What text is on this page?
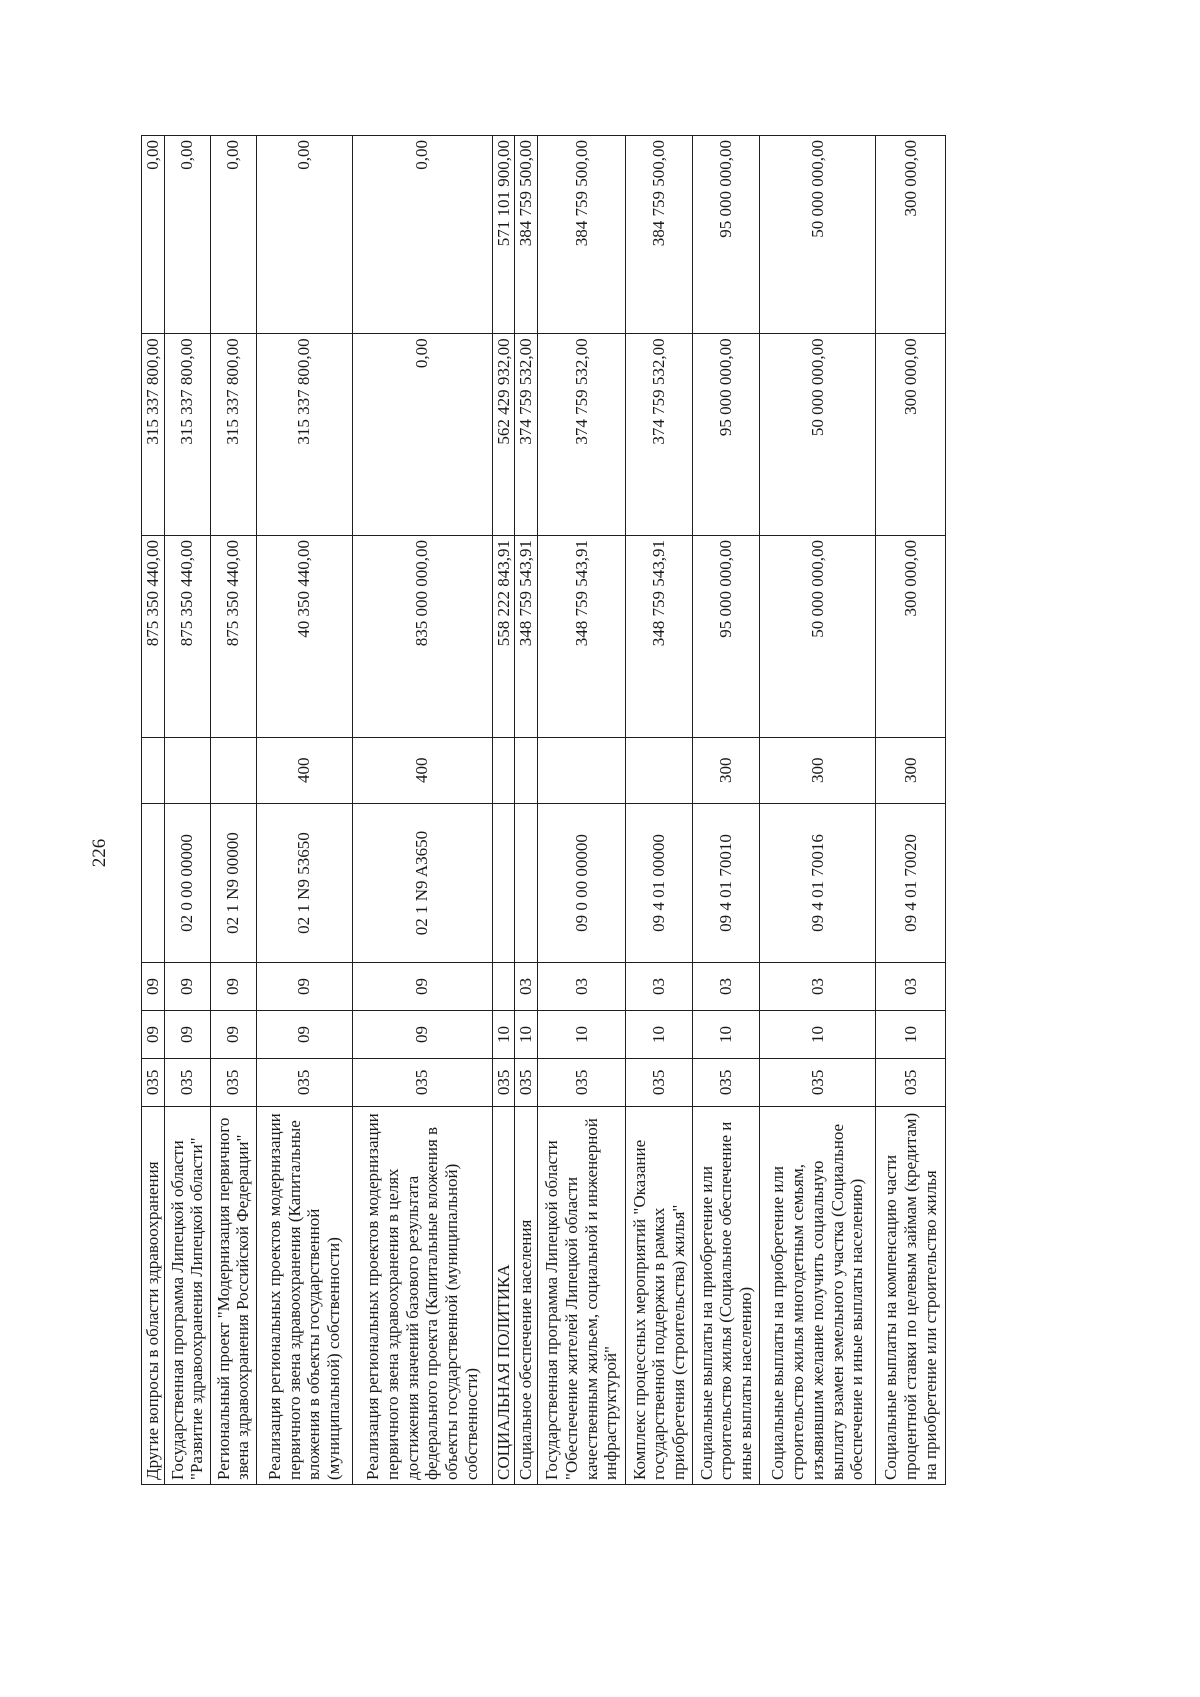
226
Другие вопросы в области здравоохранения	035	09	09			875 350 440,00	315 337 800,00	0,00
Государственная программа Липецкой области "Развитие здравоохранения Липецкой области"	035	09	09	02 0 00 00000		875 350 440,00	315 337 800,00	0,00
Региональный проект "Модернизация первичного звена здравоохранения Российской Федерации"	035	09	09	02 1 N9 00000		875 350 440,00	315 337 800,00	0,00
Реализация региональных проектов модернизации первичного звена здравоохранения (Капитальные вложения в объекты государственной (муниципальной) собственности)	035	09	09	02 1 N9 53650	400	40 350 440,00	315 337 800,00	0,00
Реализация региональных проектов модернизации первичного звена здравоохранения в целях достижения значений базового результата федерального проекта (Капитальные вложения в объекты государственной (муниципальной) собственности)	035	09	09	02 1 N9 A3650	400	835 000 000,00	0,00	0,00
СОЦИАЛЬНАЯ ПОЛИТИКА	035	10				558 222 843,91	562 429 932,00	571 101 900,00
Социальное обеспечение населения	035	10	03			348 759 543,91	374 759 532,00	384 759 500,00
Государственная программа Липецкой области "Обеспечение жителей Липецкой области качественным жильем, социальной и инженерной инфраструктурой"	035	10	03	09 0 00 00000		348 759 543,91	374 759 532,00	384 759 500,00
Комплекс процессных мероприятий "Оказание государственной поддержки в рамках приобретения (строительства) жилья"	035	10	03	09 4 01 00000		348 759 543,91	374 759 532,00	384 759 500,00
Социальные выплаты на приобретение или строительство жилья (Социальное обеспечение и иные выплаты населению)	035	10	03	09 4 01 70010	300	95 000 000,00	95 000 000,00	95 000 000,00
Социальные выплаты на приобретение или строительство жилья многодетным семьям, изъявившим желание получить социальную выплату взамен земельного участка (Социальное обеспечение и иные выплаты населению)	035	10	03	09 4 01 70016	300	50 000 000,00	50 000 000,00	50 000 000,00
Социальные выплаты на компенсацию части процентной ставки по целевым займам (кредитам) на приобретение или строительство жилья	035	10	03	09 4 01 70020	300	300 000,00	300 000,00	300 000,00
